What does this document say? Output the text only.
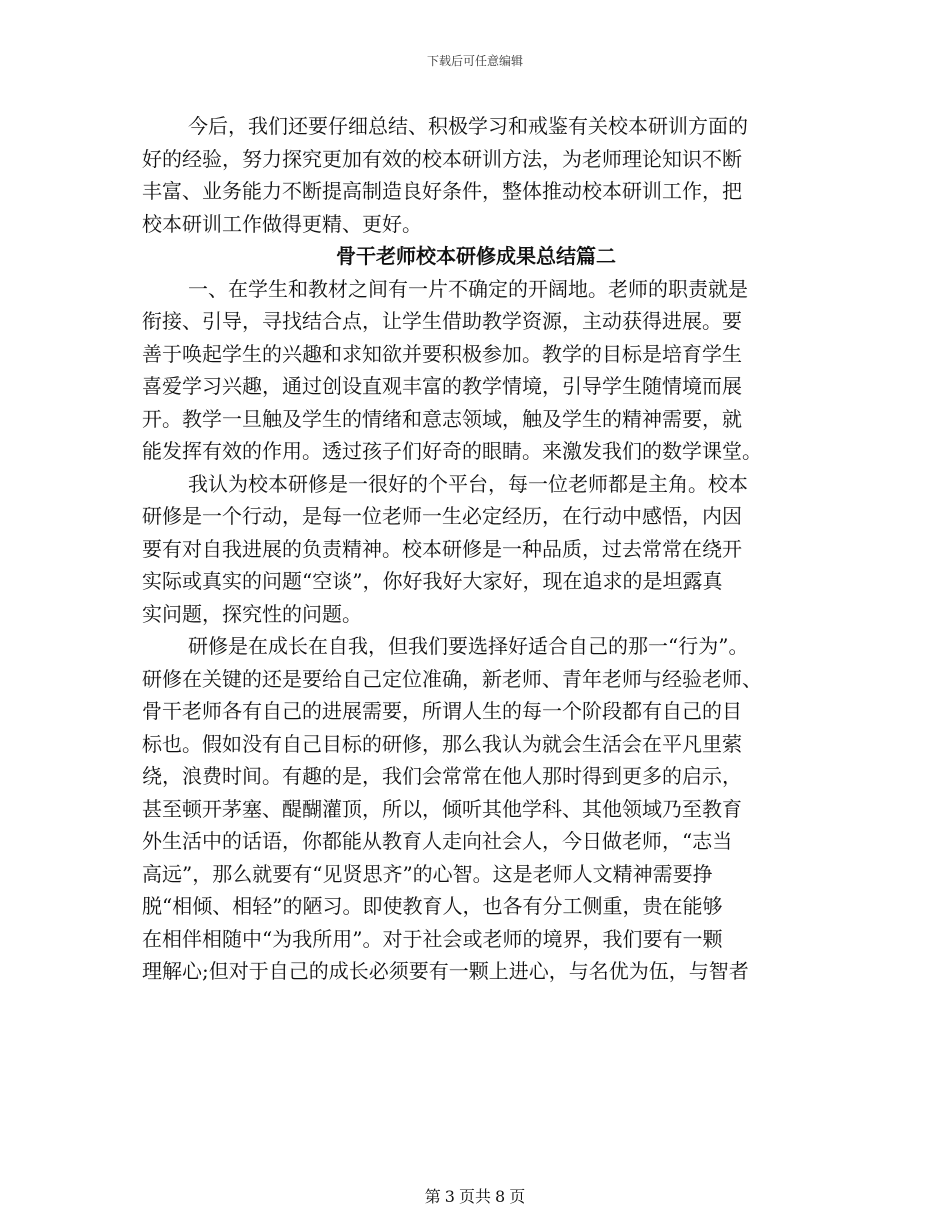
下载后可任意编辑
今后，我们还要仔细总结、积极学习和戒鉴有关校本研训方面的
好的经验，努力探究更加有效的校本研训方法，为老师理论知识不断
丰富、业务能力不断提高制造良好条件，整体推动校本研训工作，把
校本研训工作做得更精、更好。
骨干老师校本研修成果总结篇二
一、在学生和教材之间有一片不确定的开阔地。老师的职责就是
衔接、引导，寻找结合点，让学生借助教学资源，主动获得进展。要
善于唤起学生的兴趣和求知欲并要积极参加。教学的目标是培育学生
喜爱学习兴趣，通过创设直观丰富的教学情境，引导学生随情境而展
开。教学一旦触及学生的情绪和意志领域，触及学生的精神需要，就
能发挥有效的作用。透过孩子们好奇的眼睛。来激发我们的数学课堂。
我认为校本研修是一很好的个平台，每一位老师都是主角。校本
研修是一个行动，是每一位老师一生必定经历，在行动中感悟，内因
要有对自我进展的负责精神。校本研修是一种品质，过去常常在绕开
实际或真实的问题“空谈”，你好我好大家好，现在追求的是坦露真
实问题，探究性的问题。
研修是在成长在自我，但我们要选择好适合自己的那一“行为”。
研修在关键的还是要给自己定位准确，新老师、青年老师与经验老师、
骨干老师各有自己的进展需要，所谓人生的每一个阶段都有自己的目
标也。假如没有自己目标的研修，那么我认为就会生活会在平凡里萦
绕，浪费时间。有趣的是，我们会常常在他人那时得到更多的启示，
甚至顿开茅塞、醍醐灌顶，所以，倾听其他学科、其他领域乃至教育
外生活中的话语，你都能从教育人走向社会人，今日做老师，“志当
高远”，那么就要有“见贤思齐”的心智。这是老师人文精神需要挣
脱“相倾、相轻”的陋习。即使教育人，也各有分工侧重，贵在能够
在相伴相随中“为我所用”。对于社会或老师的境界，我们要有一颗
理解心;但对于自己的成长必须要有一颗上进心，与名优为伍，与智者
第 3 页共 8 页
